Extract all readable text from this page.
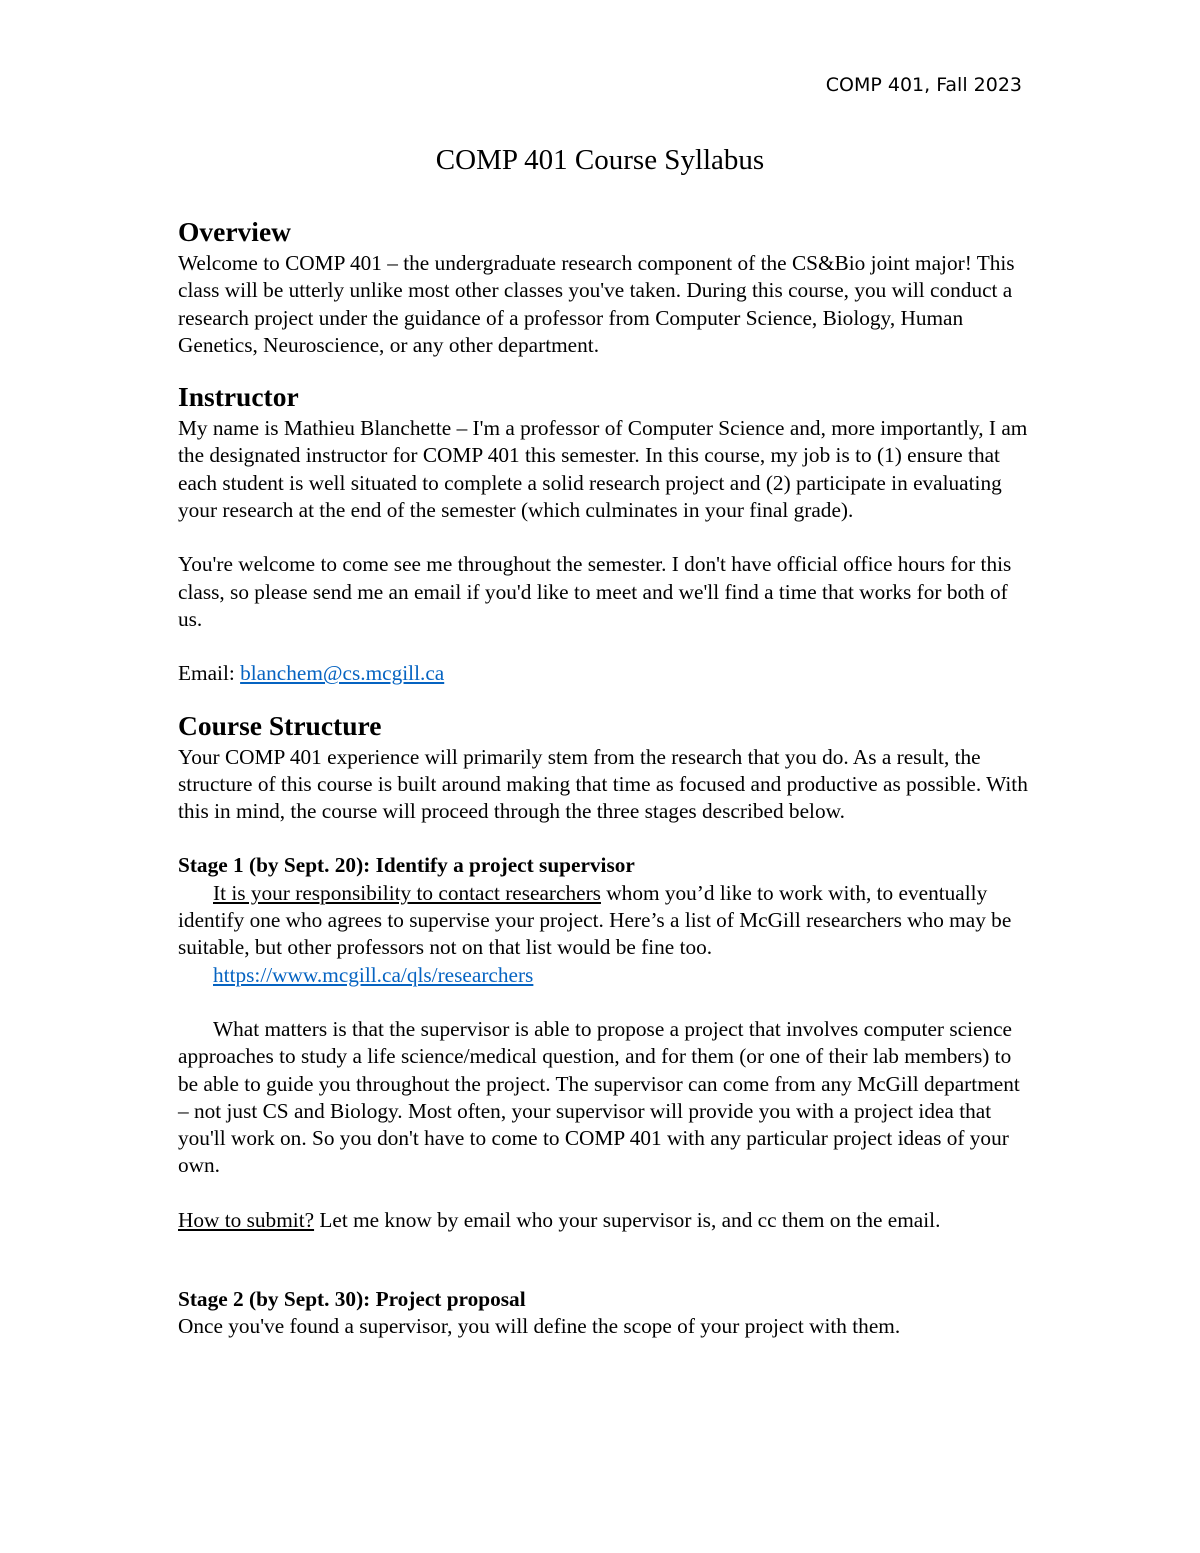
COMP 401, Fall 2023
COMP 401 Course Syllabus
Overview

Welcome to COMP 401 – the undergraduate research component of the CS&Bio joint major! This class will be utterly unlike most other classes you've taken. During this course, you will conduct a research project under the guidance of a professor from Computer Science, Biology, Human Genetics, Neuroscience, or any other department.

Instructor

My name is Mathieu Blanchette – I'm a professor of Computer Science and, more importantly, I am the designated instructor for COMP 401 this semester. In this course, my job is to (1) ensure that each student is well situated to complete a solid research project and (2) participate in evaluating your research at the end of the semester (which culminates in your final grade).

You're welcome to come see me throughout the semester. I don't have official office hours for this class, so please send me an email if you'd like to meet and we'll find a time that works for both of us.

Email: blanchem@cs.mcgill.ca

Course Structure

Your COMP 401 experience will primarily stem from the research that you do. As a result, the structure of this course is built around making that time as focused and productive as possible. With this in mind, the course will proceed through the three stages described below.

Stage 1 (by Sept. 20): Identify a project supervisor

It is your responsibility to contact researchers whom you’d like to work with, to eventually identify one who agrees to supervise your project. Here’s a list of McGill researchers who may be suitable, but other professors not on that list would be fine too.

https://www.mcgill.ca/qls/researchers

What matters is that the supervisor is able to propose a project that involves computer science approaches to study a life science/medical question, and for them (or one of their lab members) to be able to guide you throughout the project. The supervisor can come from any McGill department – not just CS and Biology. Most often, your supervisor will provide you with a project idea that you'll work on. So you don't have to come to COMP 401 with any particular project ideas of your own.

How to submit? Let me know by email who your supervisor is, and cc them on the email.

Stage 2 (by Sept. 30): Project proposal

Once you've found a supervisor, you will define the scope of your project with them.
